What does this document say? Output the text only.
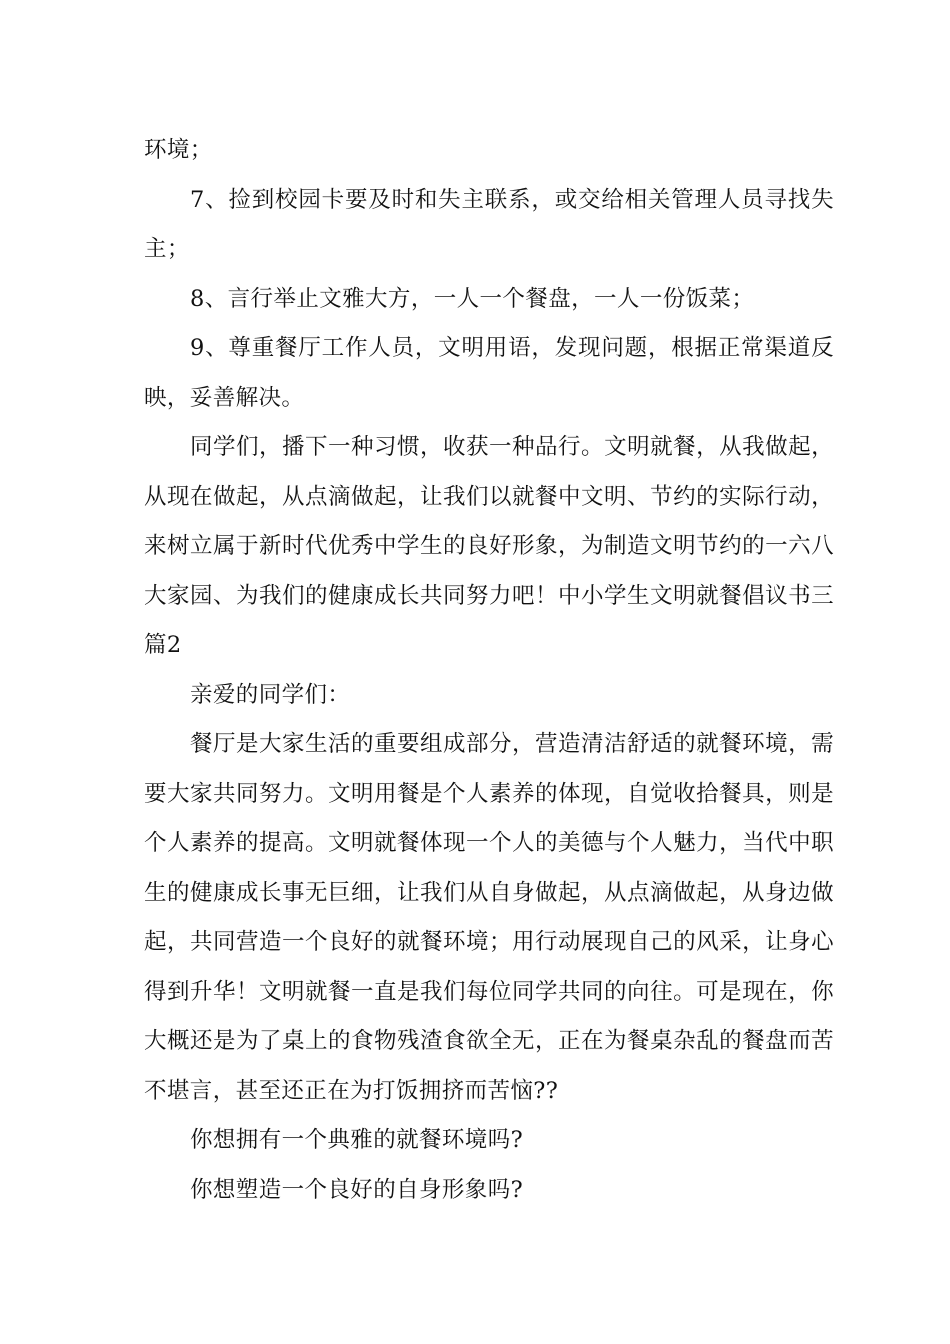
环境；

7、捡到校园卡要及时和失主联系，或交给相关管理人员寻找失主；

8、言行举止文雅大方，一人一个餐盘，一人一份饭菜；

9、尊重餐厅工作人员，文明用语，发现问题，根据正常渠道反映，妥善解决。

同学们，播下一种习惯，收获一种品行。文明就餐，从我做起，从现在做起，从点滴做起，让我们以就餐中文明、节约的实际行动，来树立属于新时代优秀中学生的良好形象，为制造文明节约的一六八大家园、为我们的健康成长共同努力吧！中小学生文明就餐倡议书三篇2

亲爱的同学们：

餐厅是大家生活的重要组成部分，营造清洁舒适的就餐环境，需要大家共同努力。文明用餐是个人素养的体现，自觉收拾餐具，则是个人素养的提高。文明就餐体现一个人的美德与个人魅力，当代中职生的健康成长事无巨细，让我们从自身做起，从点滴做起，从身边做起，共同营造一个良好的就餐环境；用行动展现自己的风采，让身心得到升华！文明就餐一直是我们每位同学共同的向往。可是现在，你大概还是为了桌上的食物残渣食欲全无，正在为餐桌杂乱的餐盘而苦不堪言，甚至还正在为打饭拥挤而苦恼??

你想拥有一个典雅的就餐环境吗?

你想塑造一个良好的自身形象吗?
